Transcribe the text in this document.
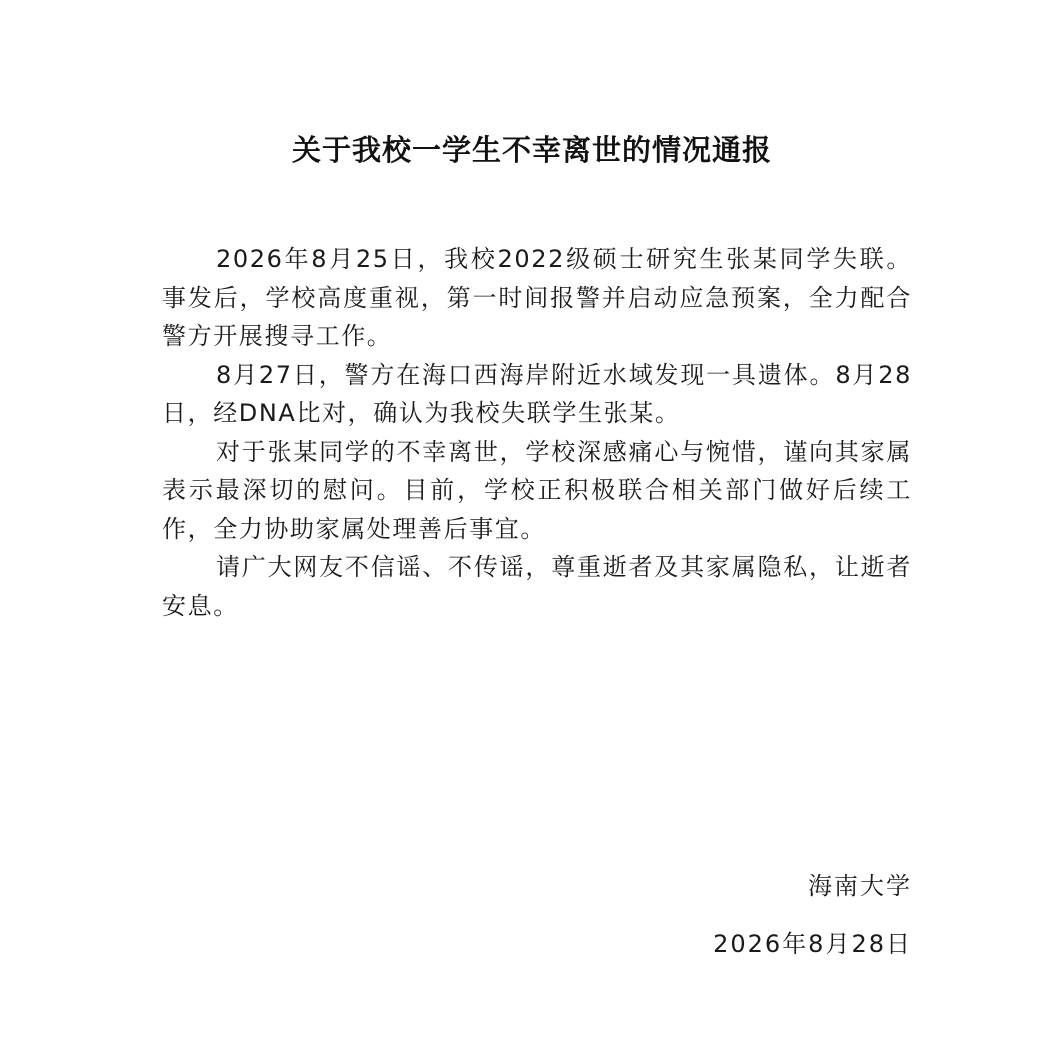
关于我校一学生不幸离世的情况通报

2026年8月25日，我校2022级硕士研究生张某同学失联。事发后，学校高度重视，第一时间报警并启动应急预案，全力配合警方开展搜寻工作。

8月27日，警方在海口西海岸附近水域发现一具遗体。8月28日，经DNA比对，确认为我校失联学生张某。

对于张某同学的不幸离世，学校深感痛心与惋惜，谨向其家属表示最深切的慰问。目前，学校正积极联合相关部门做好后续工作，全力协助家属处理善后事宜。

请广大网友不信谣、不传谣，尊重逝者及其家属隐私，让逝者安息。

海南大学
2026年8月28日
